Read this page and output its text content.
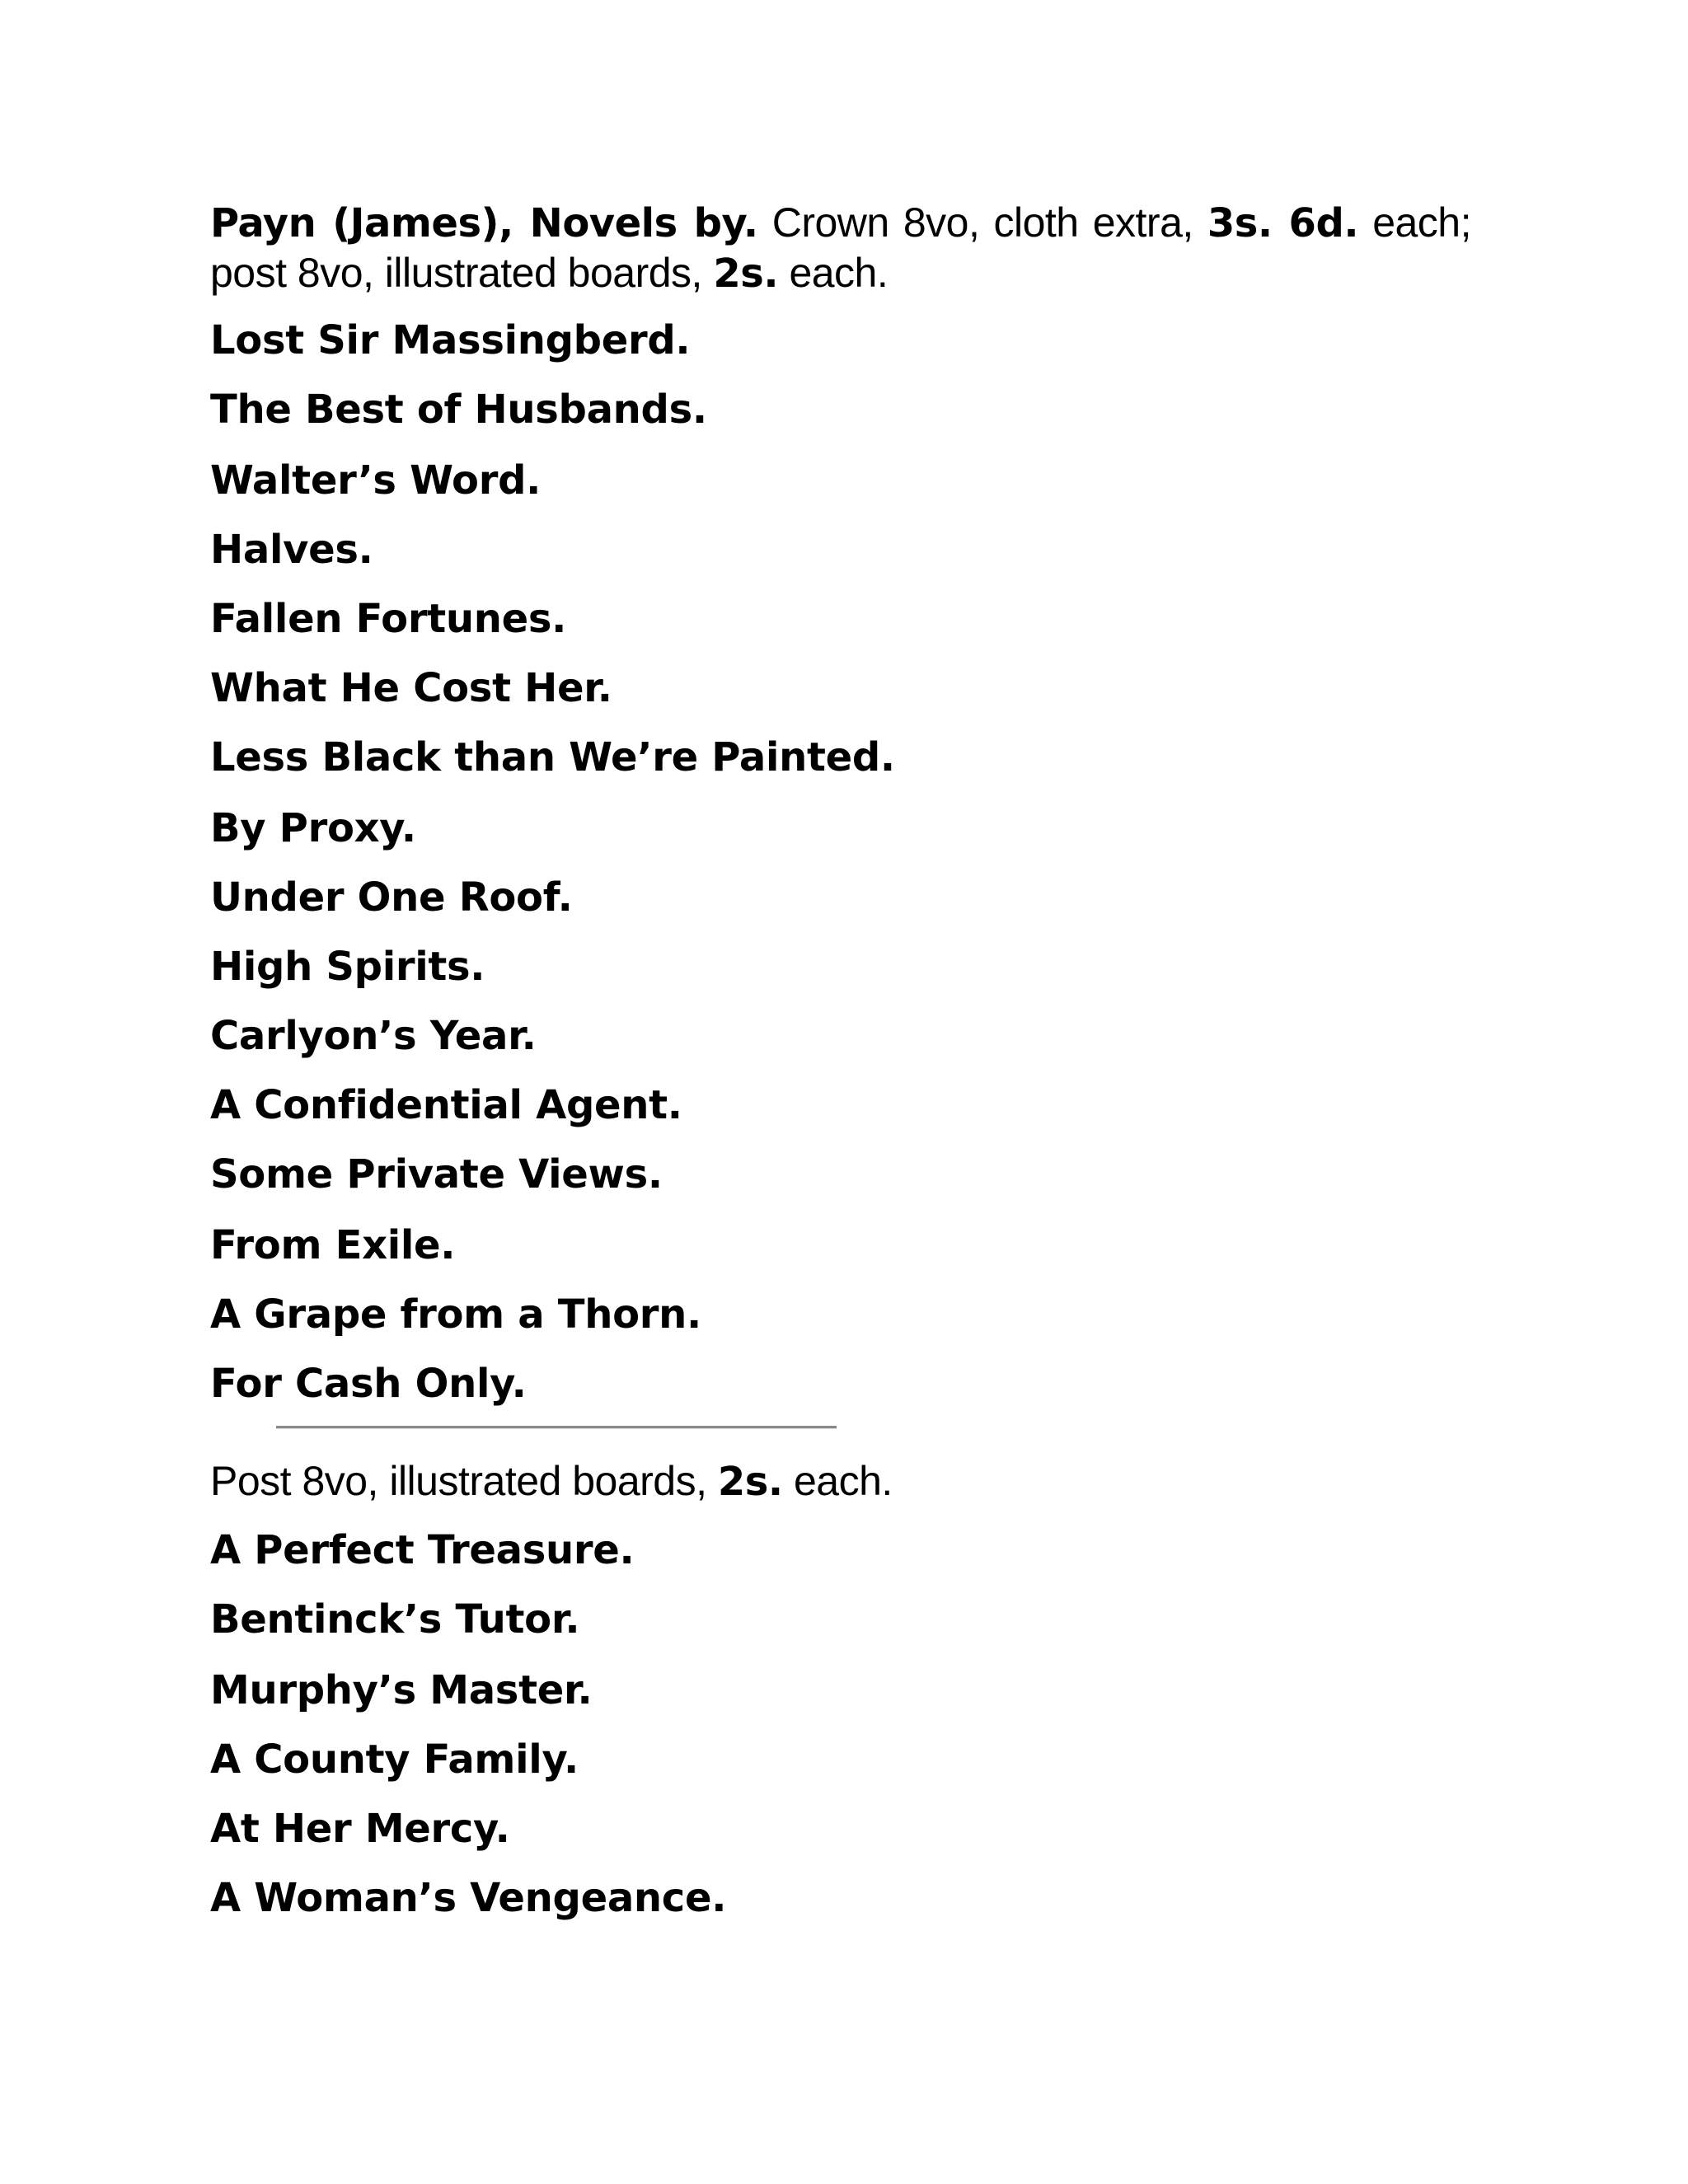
Payn (James), Novels by. Crown 8vo, cloth extra, 3s. 6d. each; post 8vo, illustrated boards, 2s. each.

Lost Sir Massingberd.
The Best of Husbands.
Walter’s Word.
Halves.
Fallen Fortunes.
What He Cost Her.
Less Black than We’re Painted.
By Proxy.
Under One Roof.
High Spirits.
Carlyon’s Year.
A Confidential Agent.
Some Private Views.
From Exile.
A Grape from a Thorn.
For Cash Only.

Post 8vo, illustrated boards, 2s. each.

A Perfect Treasure.
Bentinck’s Tutor.
Murphy’s Master.
A County Family.
At Her Mercy.
A Woman’s Vengeance.
